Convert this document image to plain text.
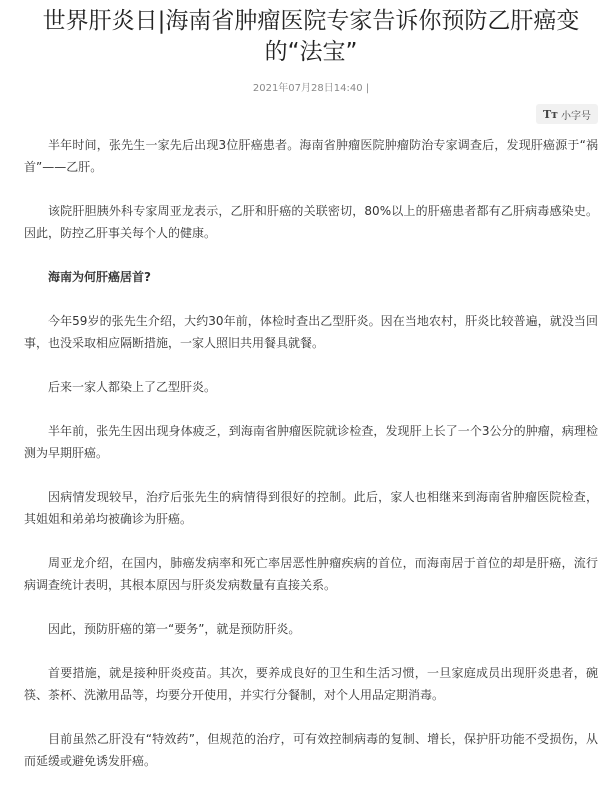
世界肝炎日|海南省肿瘤医院专家告诉你预防乙肝癌变的“法宝”
2021年07月28日14:40 |
Tт 小字号

半年时间，张先生一家先后出现3位肝癌患者。海南省肿瘤医院肿瘤防治专家调查后，发现肝癌源于“祸首”——乙肝。

该院肝胆胰外科专家周亚龙表示，乙肝和肝癌的关联密切，80%以上的肝癌患者都有乙肝病毒感染史。因此，防控乙肝事关每个人的健康。

海南为何肝癌居首?

今年59岁的张先生介绍，大约30年前，体检时查出乙型肝炎。因在当地农村，肝炎比较普遍，就没当回事，也没采取相应隔断措施，一家人照旧共用餐具就餐。

后来一家人都染上了乙型肝炎。

半年前，张先生因出现身体疲乏，到海南省肿瘤医院就诊检查，发现肝上长了一个3公分的肿瘤，病理检测为早期肝癌。

因病情发现较早，治疗后张先生的病情得到很好的控制。此后，家人也相继来到海南省肿瘤医院检查，其姐姐和弟弟均被确诊为肝癌。

周亚龙介绍，在国内，肺癌发病率和死亡率居恶性肿瘤疾病的首位，而海南居于首位的却是肝癌，流行病调查统计表明，其根本原因与肝炎发病数量有直接关系。

因此，预防肝癌的第一“要务”，就是预防肝炎。

首要措施，就是接种肝炎疫苗。其次，要养成良好的卫生和生活习惯，一旦家庭成员出现肝炎患者，碗筷、茶杯、洗漱用品等，均要分开使用，并实行分餐制，对个人用品定期消毒。

目前虽然乙肝没有“特效药”，但规范的治疗，可有效控制病毒的复制、增长，保护肝功能不受损伤，从而延缓或避免诱发肝癌。
